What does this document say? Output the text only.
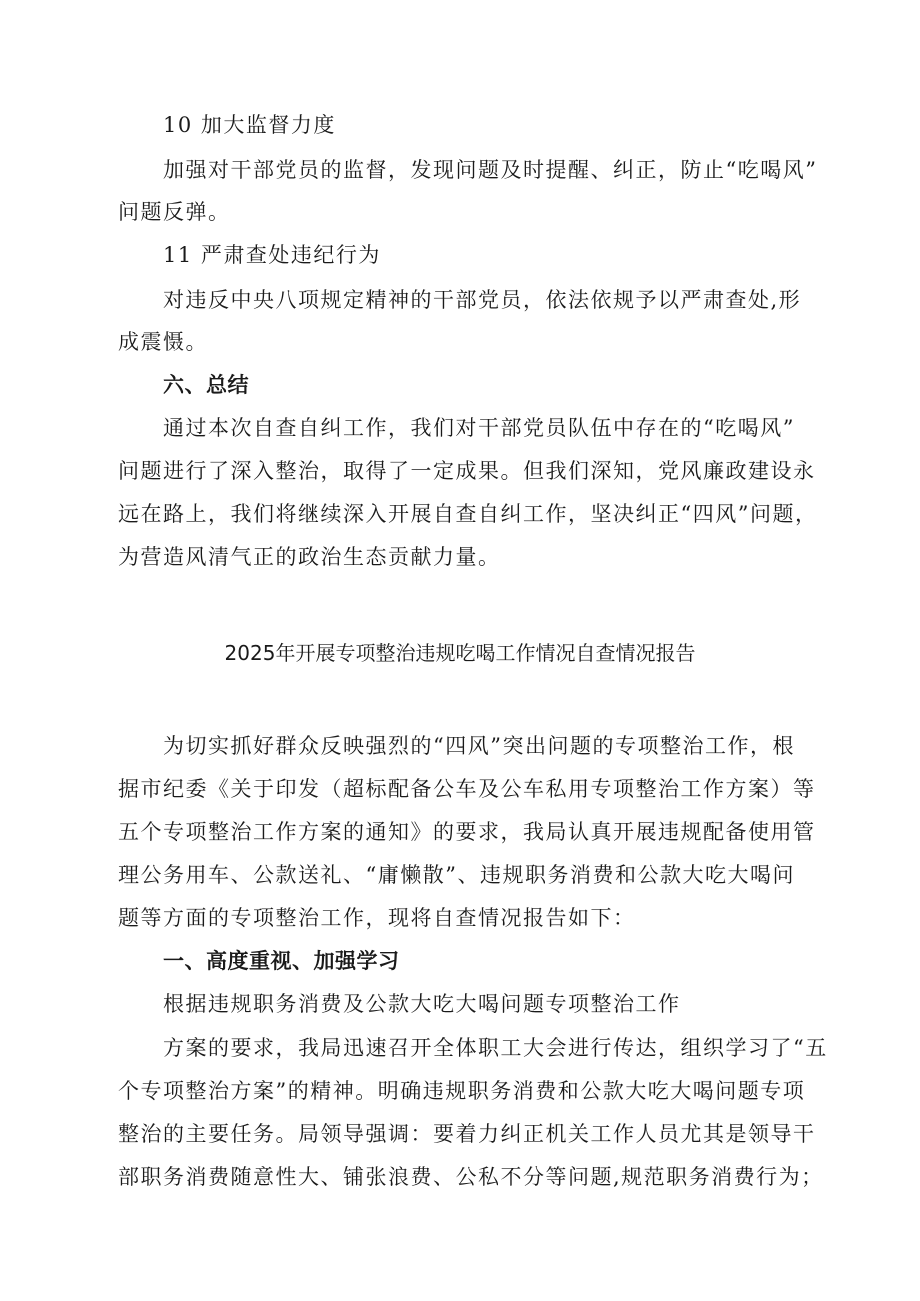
10 加大监督力度
加强对干部党员的监督，发现问题及时提醒、纠正，防止“吃喝风”
问题反弹。
11 严肃查处违纪行为
对违反中央八项规定精神的干部党员，依法依规予以严肃查处,形
成震慑。
六、总结
通过本次自查自纠工作，我们对干部党员队伍中存在的“吃喝风”
问题进行了深入整治，取得了一定成果。但我们深知，党风廉政建设永
远在路上，我们将继续深入开展自查自纠工作，坚决纠正“四风”问题，
为营造风清气正的政治生态贡献力量。
2025年开展专项整治违规吃喝工作情况自查情况报告
为切实抓好群众反映强烈的“四风”突出问题的专项整治工作，根
据市纪委《关于印发（超标配备公车及公车私用专项整治工作方案）等
五个专项整治工作方案的通知》的要求，我局认真开展违规配备使用管
理公务用车、公款送礼、“庸懒散”、违规职务消费和公款大吃大喝问
题等方面的专项整治工作，现将自查情况报告如下：
一、高度重视、加强学习
根据违规职务消费及公款大吃大喝问题专项整治工作
方案的要求，我局迅速召开全体职工大会进行传达，组织学习了“五
个专项整治方案”的精神。明确违规职务消费和公款大吃大喝问题专项
整治的主要任务。局领导强调：要着力纠正机关工作人员尤其是领导干
部职务消费随意性大、铺张浪费、公私不分等问题,规范职务消费行为；
